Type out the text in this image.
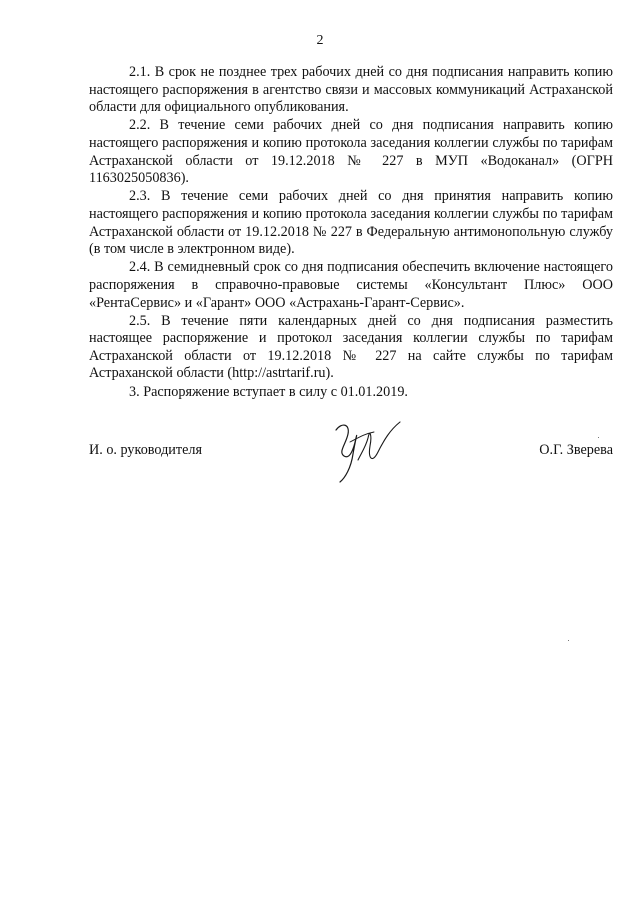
2

2.1. В срок не позднее трех рабочих дней со дня подписания направить копию настоящего распоряжения в агентство связи и массовых коммуникаций Астраханской области для официального опубликования.

2.2. В течение семи рабочих дней со дня подписания направить копию настоящего распоряжения и копию протокола заседания коллегии службы по тарифам Астраханской области от 19.12.2018 № 227 в МУП «Водоканал» (ОГРН 1163025050836).

2.3. В течение семи рабочих дней со дня принятия направить копию настоящего распоряжения и копию протокола заседания коллегии службы по тарифам Астраханской области от 19.12.2018 № 227 в Федеральную антимонопольную службу (в том числе в электронном виде).

2.4. В семидневный срок со дня подписания обеспечить включение настоящего распоряжения в справочно-правовые системы «Консультант Плюс» ООО «РентаСервис» и «Гарант» ООО «Астрахань-Гарант-Сервис».

2.5. В течение пяти календарных дней со дня подписания разместить настоящее распоряжение и протокол заседания коллегии службы по тарифам Астраханской области от 19.12.2018 № 227 на сайте службы по тарифам Астраханской области (http://astrtarif.ru).

3. Распоряжение вступает в силу с 01.01.2019.

И. о. руководителя	О.Г. Зверева
